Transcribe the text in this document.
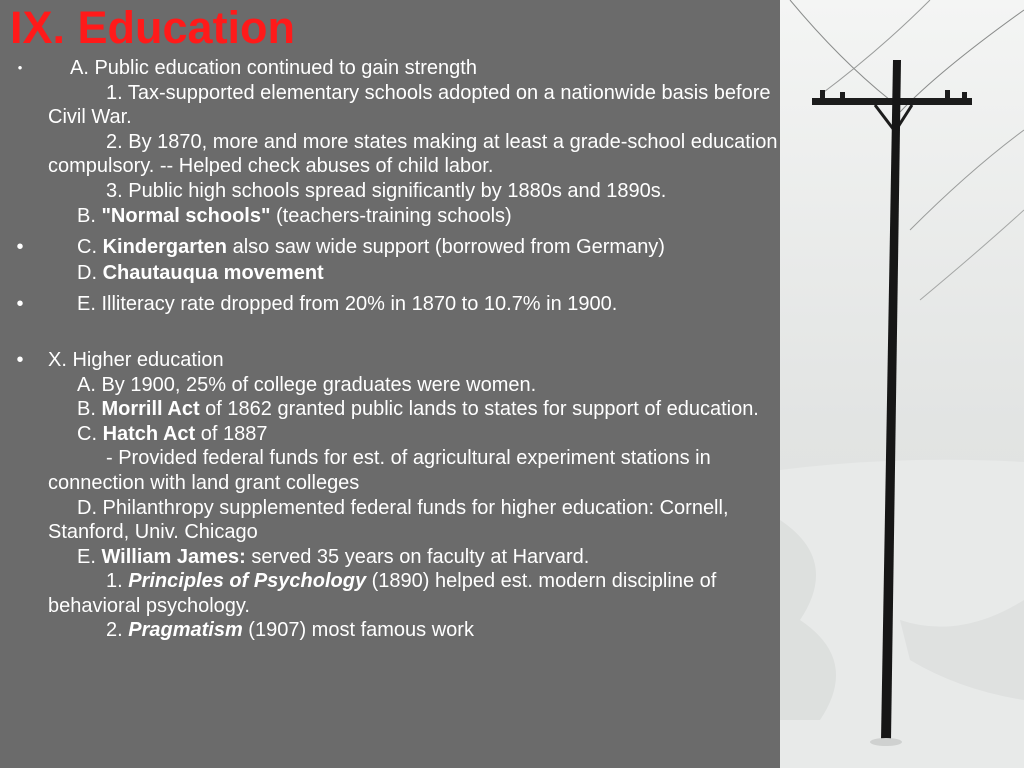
IX. Education
•	A. Public education continued to gain strength
1. Tax-supported elementary schools adopted on a nationwide basis before Civil War.
2. By 1870, more and more states making at least a grade-school education compulsory. -- Helped check abuses of child labor.
3. Public high schools spread significantly by 1880s and 1890s.
B. "Normal schools" (teachers-training schools)
•	C. Kindergarten also saw wide support (borrowed from Germany)
D. Chautauqua movement
•	E. Illiteracy rate dropped from 20% in 1870 to 10.7% in 1900.
•	X. Higher education
A. By 1900, 25% of college graduates were women.
B. Morrill Act of 1862 granted public lands to states for support of education.
C. Hatch Act of 1887
- Provided federal funds for est. of agricultural experiment stations in connection with land grant colleges
D. Philanthropy supplemented federal funds for higher education: Cornell, Stanford, Univ. Chicago
E. William James: served 35 years on faculty at Harvard.
1. Principles of Psychology (1890) helped est. modern discipline of behavioral psychology.
2. Pragmatism (1907) most famous work
